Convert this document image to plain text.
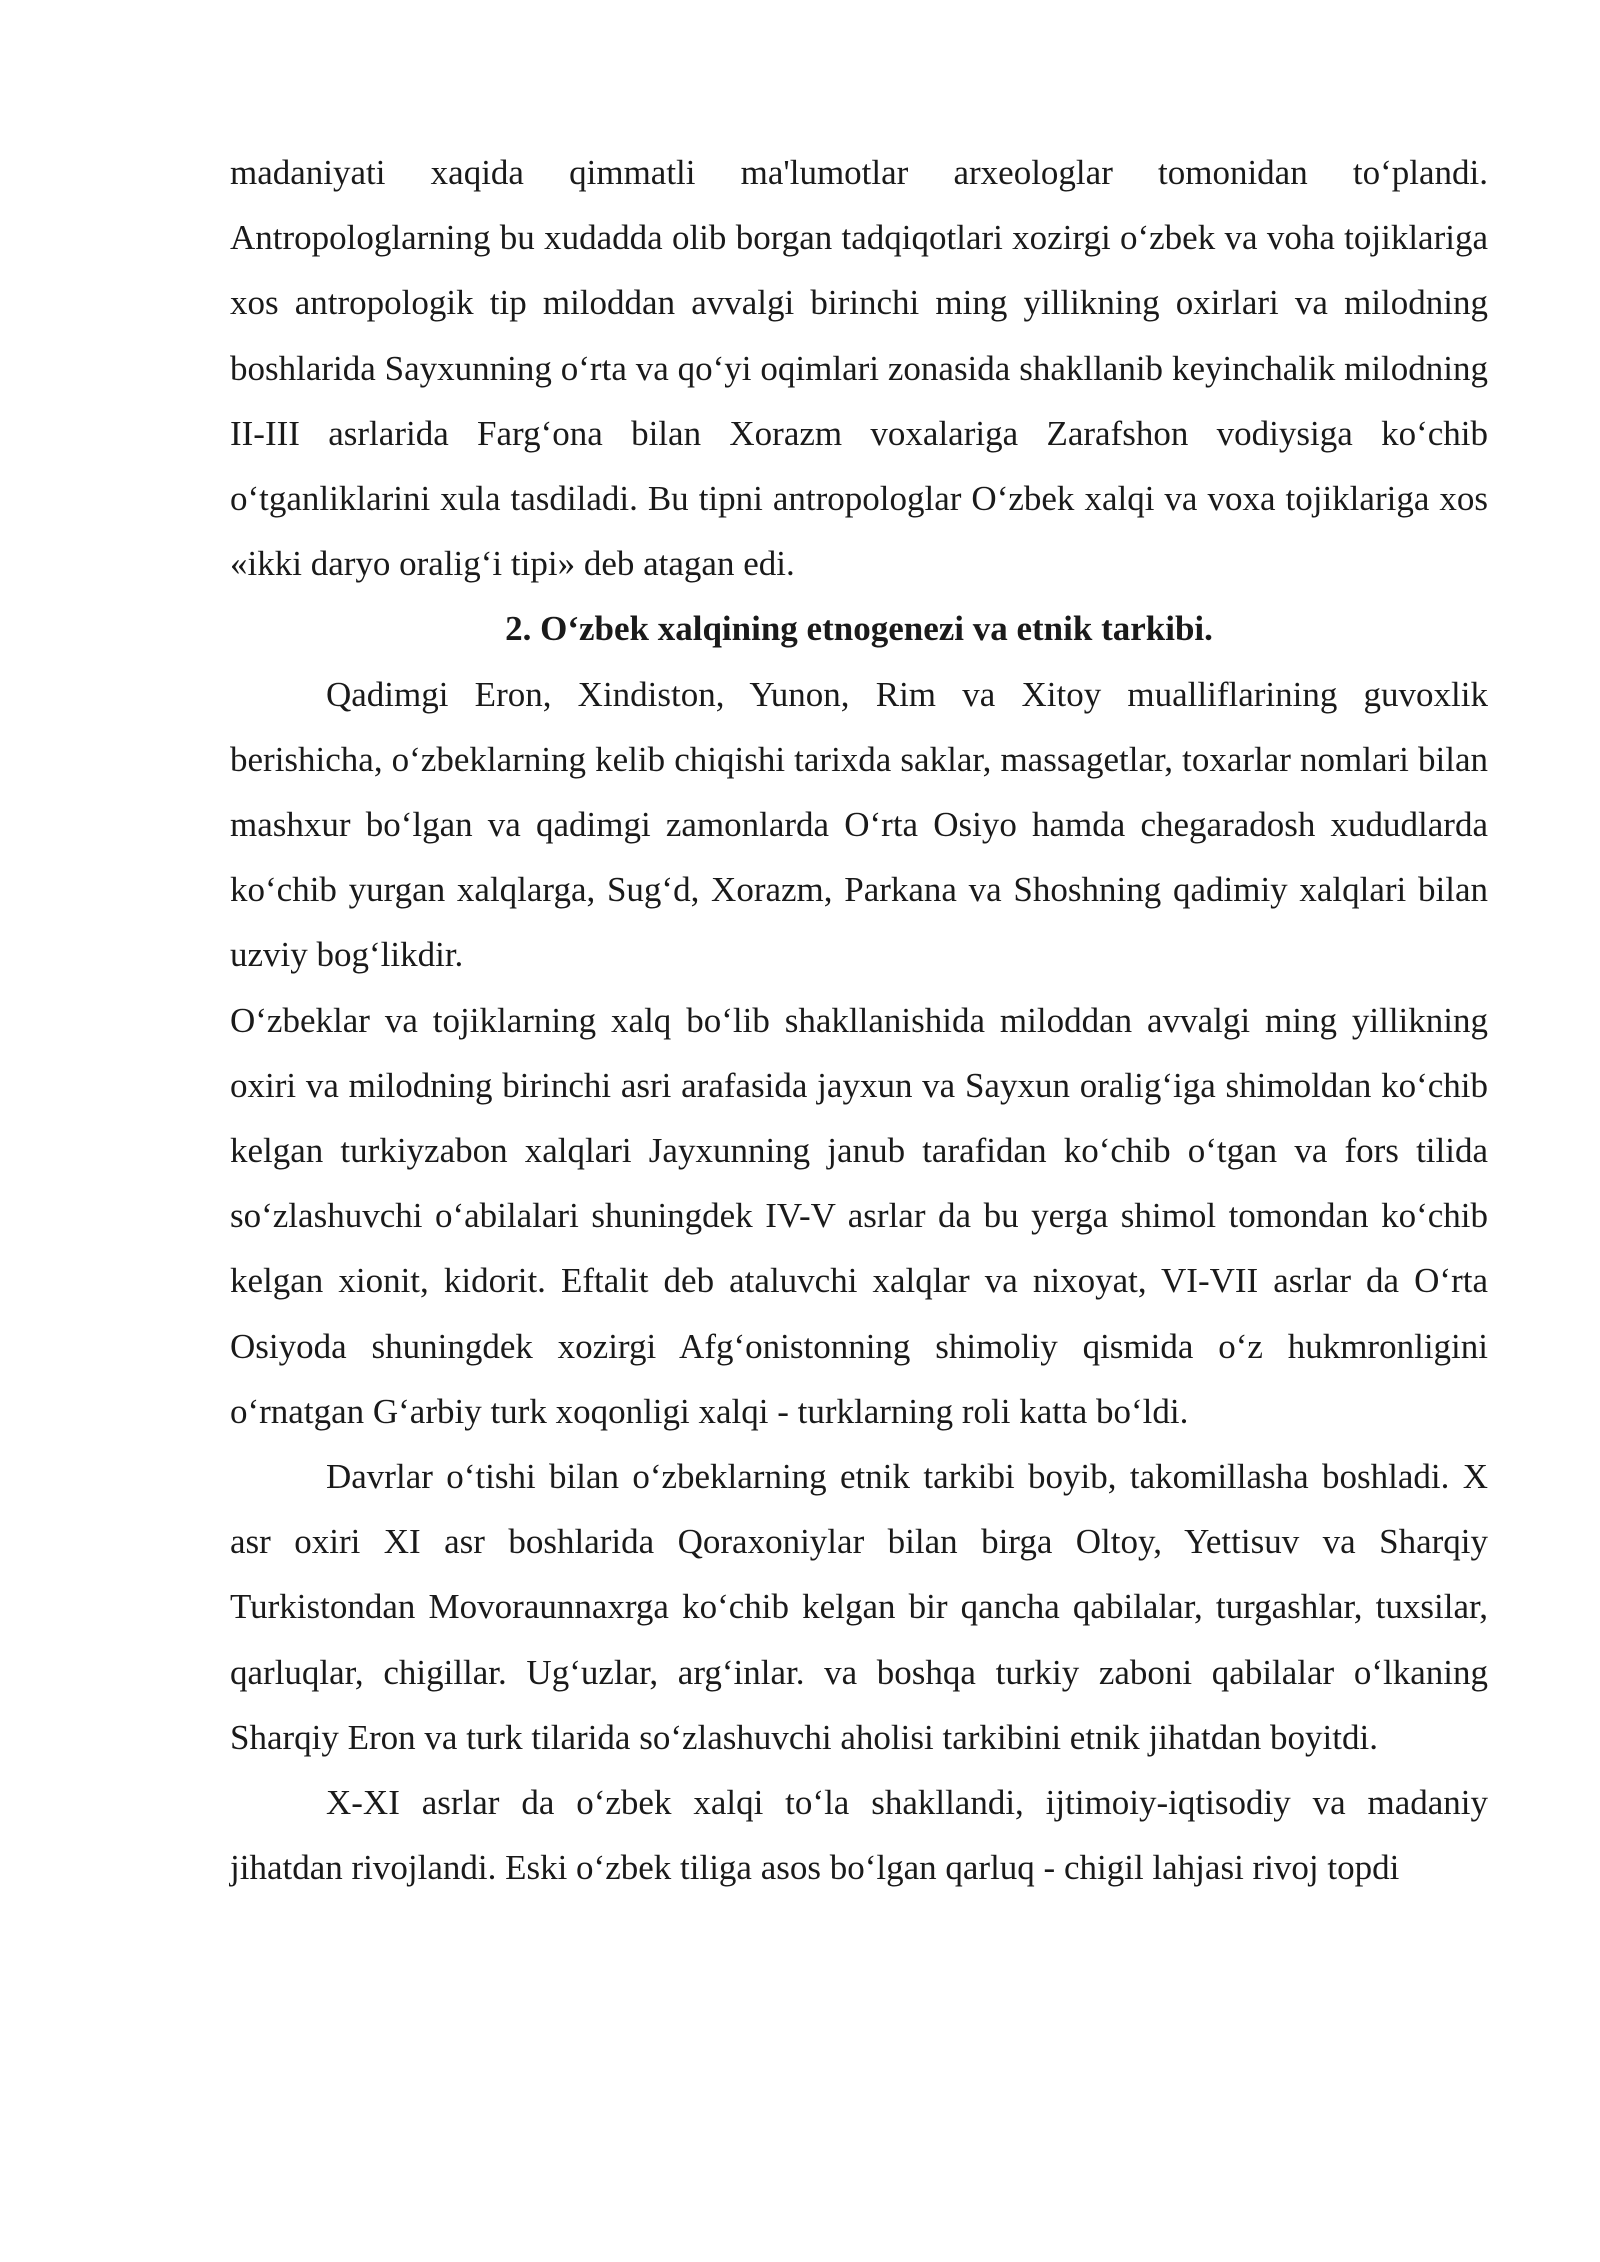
madaniyati xaqida qimmatli ma'lumotlar arxeologlar tomonidan to‘plandi. Antropologlarning bu xudadda olib borgan tadqiqotlari xozirgi o‘zbek va voha tojiklariga xos antropologik tip miloddan avvalgi birinchi ming yillikning oxirlari va milodning boshlarida Sayxunning o‘rta va qo‘yi oqimlari zonasida shakllanib keyinchalik milodning II-III asrlarida Farg‘ona bilan Xorazm voxalariga Zarafshon vodiysiga ko‘chib o‘tganliklarini xula tasdiladi. Bu tipni antropologlar O‘zbek xalqi va voxa tojiklariga xos «ikki daryo oralig‘i tipi» deb atagan edi.

2. O‘zbek xalqining etnogenezi va etnik tarkibi.

Qadimgi Eron, Xindiston, Yunon, Rim va Xitoy mualliflarining guvoxlik berishicha, o‘zbeklarning kelib chiqishi tarixda saklar, massagetlar, toxarlar nomlari bilan mashxur bo‘lgan va qadimgi zamonlarda O‘rta Osiyo hamda chegaradosh xududlarda ko‘chib yurgan xalqlarga, Sug‘d, Xorazm, Parkana va Shoshning qadimiy xalqlari bilan uzviy bog‘likdir.

O‘zbeklar va tojiklarning xalq bo‘lib shakllanishida miloddan avvalgi ming yillikning oxiri va milodning birinchi asri arafasida jayxun va Sayxun oralig‘iga shimoldan ko‘chib kelgan turkiyzabon xalqlari Jayxunning janub tarafidan ko‘chib o‘tgan va fors tilida so‘zlashuvchi o‘abilalari shuningdek IV-V asrlar da bu yerga shimol tomondan ko‘chib kelgan xionit, kidorit. Eftalit deb ataluvchi xalqlar va nixoyat, VI-VII asrlar da O‘rta Osiyoda shuningdek xozirgi Afg‘onistonning shimoliy qismida o‘z hukmronligini o‘rnatgan G‘arbiy turk xoqonligi xalqi - turklarning roli katta bo‘ldi.

Davrlar o‘tishi bilan o‘zbeklarning etnik tarkibi boyib, takomillasha boshladi. X asr oxiri XI asr boshlarida Qoraxoniylar bilan birga Oltoy, Yettisuv va Sharqiy Turkistondan Movoraunnaxrga ko‘chib kelgan bir qancha qabilalar, turgashlar, tuxsilar, qarluqlar, chigillar. Ug‘uzlar, arg‘inlar. va boshqa turkiy zaboni qabilalar o‘lkaning Sharqiy Eron va turk tilarida so‘zlashuvchi aholisi tarkibini etnik jihatdan boyitdi.

X-XI asrlar da o‘zbek xalqi to‘la shakllandi, ijtimoiy-iqtisodiy va madaniy jihatdan rivojlandi. Eski o‘zbek tiliga asos bo‘lgan qarluq - chigil lahjasi rivoj topdi
